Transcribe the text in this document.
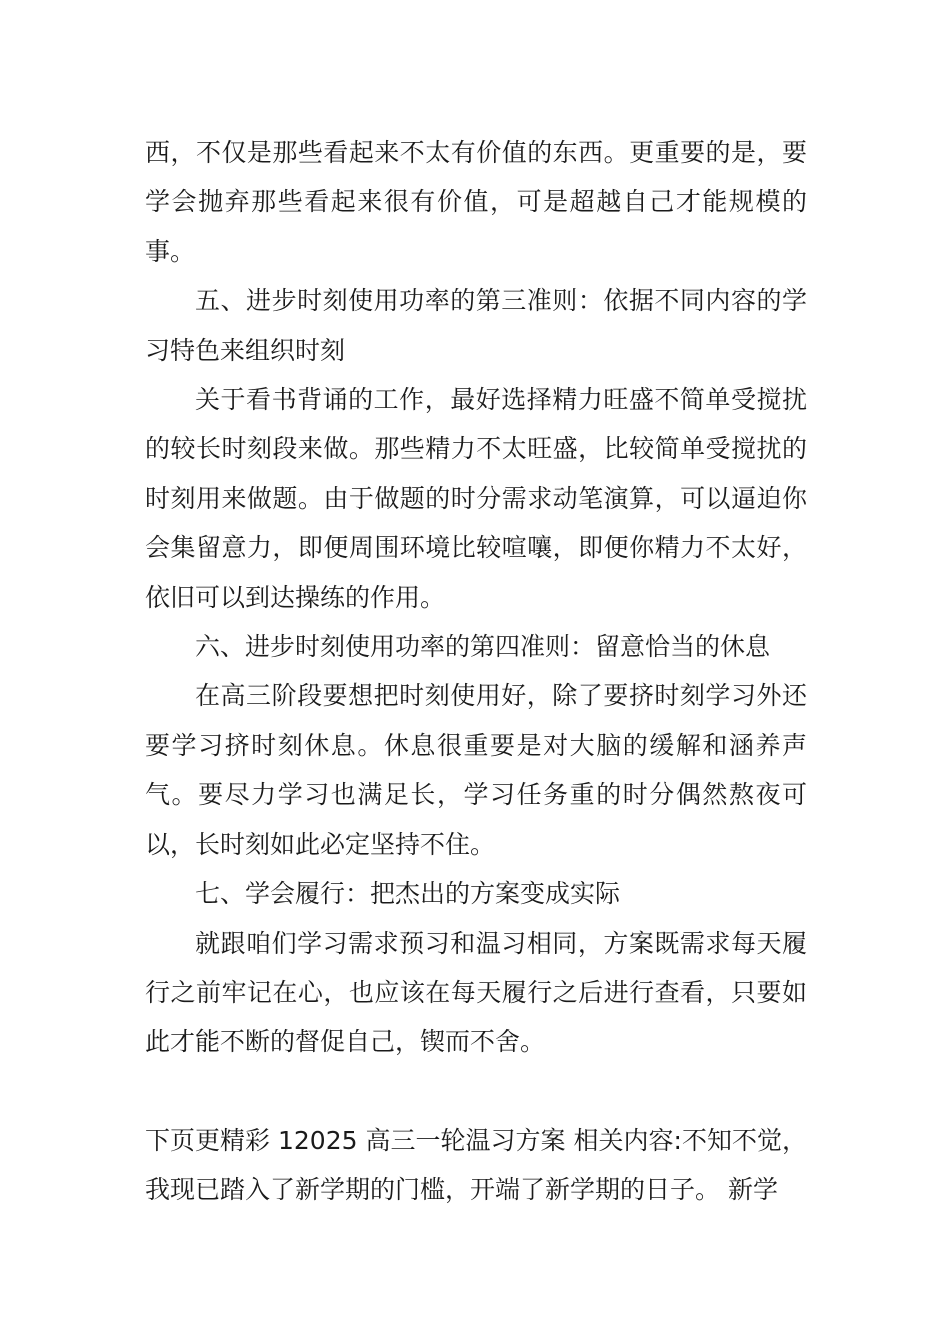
西，不仅是那些看起来不太有价值的东西。更重要的是，要学会抛弃那些看起来很有价值，可是超越自己才能规模的事。

五、进步时刻使用功率的第三准则：依据不同内容的学习特色来组织时刻

关于看书背诵的工作，最好选择精力旺盛不简单受搅扰的较长时刻段来做。那些精力不太旺盛，比较简单受搅扰的时刻用来做题。由于做题的时分需求动笔演算，可以逼迫你会集留意力，即便周围环境比较喧嚷，即便你精力不太好，依旧可以到达操练的作用。

六、进步时刻使用功率的第四准则：留意恰当的休息

在高三阶段要想把时刻使用好，除了要挤时刻学习外还要学习挤时刻休息。休息很重要是对大脑的缓解和涵养声气。要尽力学习也满足长，学习任务重的时分偶然熬夜可以，长时刻如此必定坚持不住。

七、学会履行：把杰出的方案变成实际

就跟咱们学习需求预习和温习相同，方案既需求每天履行之前牢记在心，也应该在每天履行之后进行查看，只要如此才能不断的督促自己，锲而不舍。

下页更精彩 12025 高三一轮温习方案 相关内容:不知不觉，我现已踏入了新学期的门槛，开端了新学期的日子。 新学
